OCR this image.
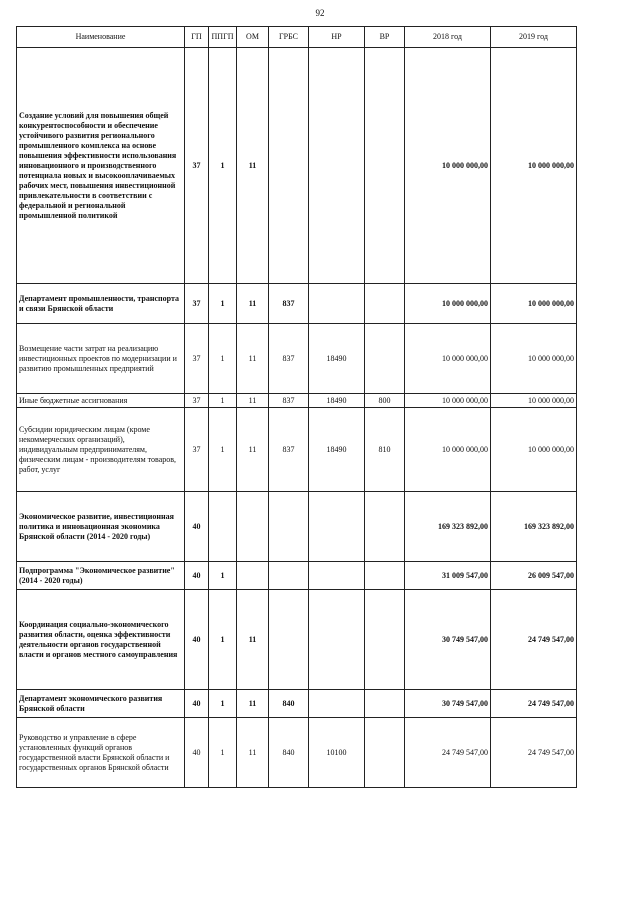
92
Наименование	ГП	ППГП	ОМ	ГРБС	НР	ВР	2018 год	2019 год
Создание условий для повышения общей конкурентоспособности и обеспечение устойчивого развития регионального промышленного комплекса на основе повышения эффективности использования инновационного и производственного потенциала новых и высокооплачиваемых рабочих мест, повышения инвестиционной привлекательности в соответствии с федеральной и региональной промышленной политикой	37	1	11				10 000 000,00	10 000 000,00
Департамент промышленности, транспорта и связи Брянской области	37	1	11	837			10 000 000,00	10 000 000,00
Возмещение части затрат на реализацию инвестиционных проектов по модернизации и развитию промышленных предприятий	37	1	11	837	18490		10 000 000,00	10 000 000,00
Иные бюджетные ассигнования	37	1	11	837	18490	800	10 000 000,00	10 000 000,00
Субсидии юридическим лицам (кроме некоммерческих организаций), индивидуальным предпринимателям, физическим лицам - производителям товаров, работ, услуг	37	1	11	837	18490	810	10 000 000,00	10 000 000,00
Экономическое развитие, инвестиционная политика и инновационная экономика Брянской области (2014 - 2020 годы)	40						169 323 892,00	169 323 892,00
Подпрограмма "Экономическое развитие" (2014 - 2020 годы)	40	1					31 009 547,00	26 009 547,00
Координация социально-экономического развития области, оценка эффективности деятельности органов государственной власти и органов местного самоуправления	40	1	11				30 749 547,00	24 749 547,00
Департамент экономического развития Брянской области	40	1	11	840			30 749 547,00	24 749 547,00
Руководство и управление в сфере установленных функций органов государственной власти Брянской области и государственных органов Брянской области	40	1	11	840	10100		24 749 547,00	24 749 547,00
